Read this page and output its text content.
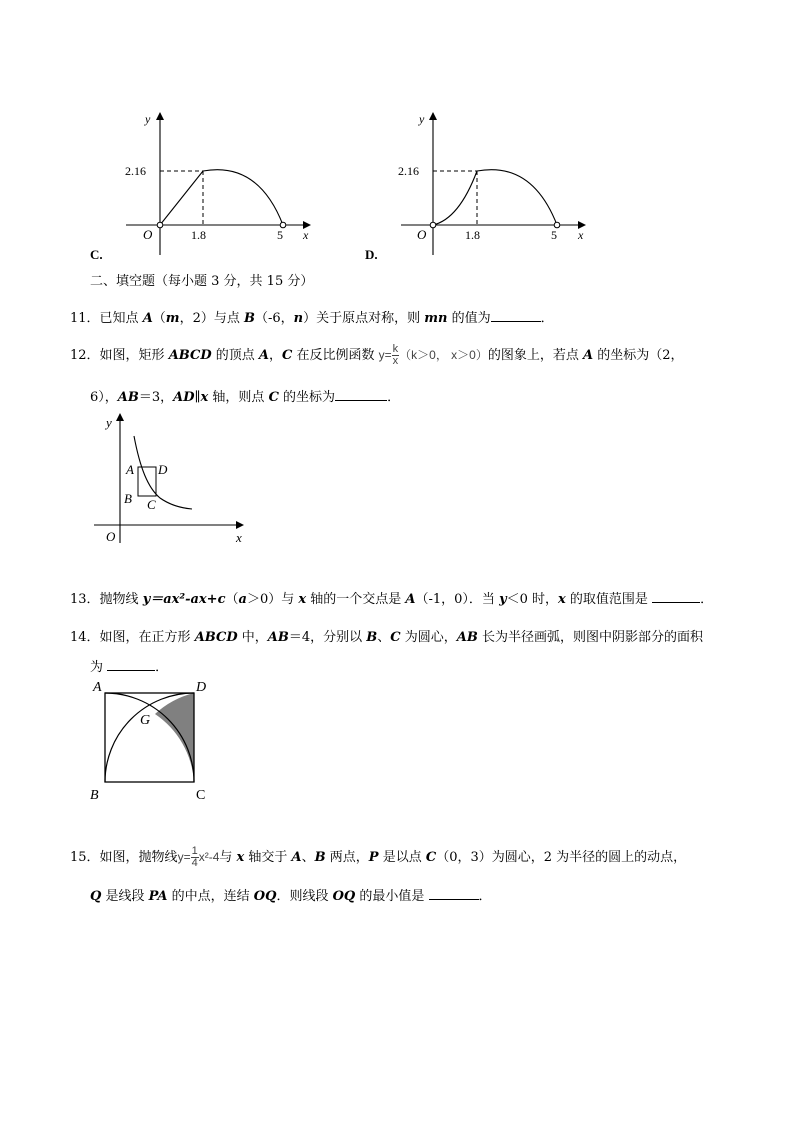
y
2.16
O	1.8	5 x
C.
y
2.16
O	1.8	5 x
D.
二、填空题（每小题 3 分，共 15 分）
11．已知点 A（m，2）与点 B（-6，n）关于原点对称，则 mn 的值为	．
12．如图，矩形 ABCD 的顶点 A，C 在反比例函数 $y= \frac{k}{x} (k>0$， x＞0）的图象上，若点 A 的坐标为（2，
6），AB＝3，AD∥x 轴，则点 C 的坐标为	．
y
A D
B C
O	x
13．抛物线 y＝ax²-ax+c（a＞0）与 x 轴的一个交点是 A（-1，0）．当 y＜0 时，x 的取值范围是	．
14．如图，在正方形 ABCD 中，AB＝4，分别以 B、C 为圆心，AB 长为半径画弧，则图中阴影部分的面积
为	．
A	D
G
B	C
15．如图，抛物线$y= \frac{1}{4} x^2-4$与 x 轴交于 A、B 两点，P 是以点 C（0，3）为圆心，2 为半径的圆上的动点，
Q 是线段 PA 的中点，连结 OQ．则线段 OQ 的最小值是	．
